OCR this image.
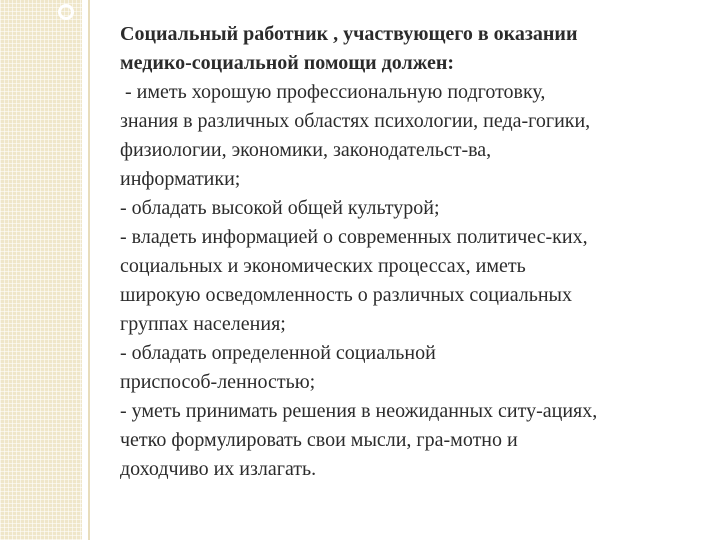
Социальный работник , участвующего в оказании

медико-социальной помощи должен:

- иметь хорошую профессиональную подготовку,

знания в различных областях психологии, педа-гогики,

физиологии, экономики, законодательст-ва,

информатики;

- обладать высокой общей культурой;

- владеть информацией о современных политичес-ких,

социальных и экономических процессах, иметь

широкую осведомленность о различных социальных

группах населения;

- обладать определенной социальной

приспособ-ленностью;

- уметь принимать решения в неожиданных ситу-ациях,

четко формулировать свои мысли, гра-мотно и

доходчиво их излагать.
